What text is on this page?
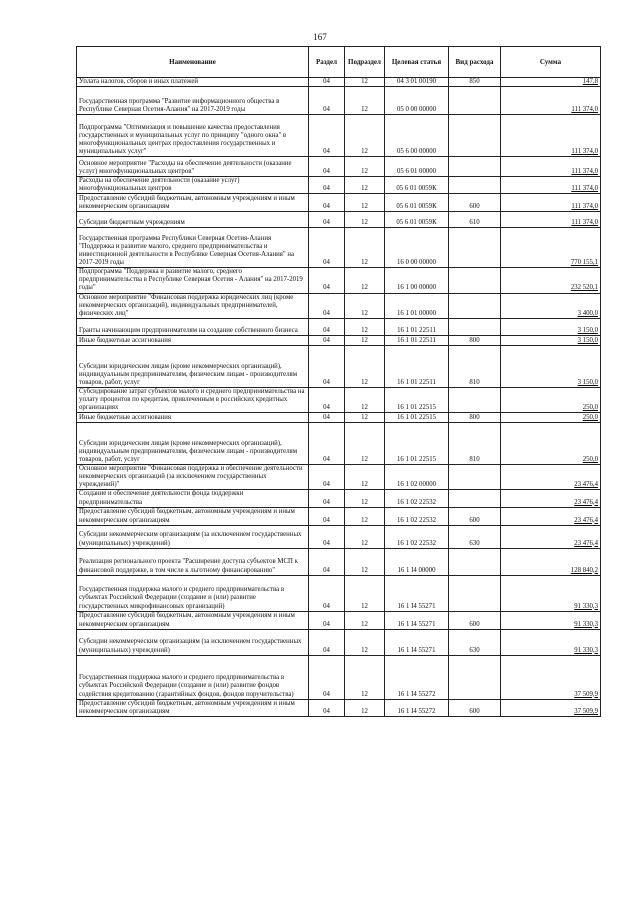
167
Наименование	Раздел	Подраздел	Целевая статья	Вид расхода	Сумма
Уплата налогов, сборов и иных платежей	04	12	04 3 01 00190	850	147,8
Государственная программа "Развитие информационного общества в Республике Северная Осетия-Алания" на 2017-2019 годы	04	12	05 0 00 00000		111 374,0
Подпрограмма "Оптимизация и повышение качества предоставления государственных и муниципальных услуг по принципу "одного окна" в многофункциональных центрах предоставления государственных и муниципальных услуг"	04	12	05 6 00 00000		111 374,0
Основное мероприятие "Расходы на обеспечение деятельности (оказание услуг) многофункциональных центров"	04	12	05 6 01 00000		111 374,0
Расходы на обеспечение деятельности (оказание услуг) многофункциональных центров	04	12	05 6 01 0059К		111 374,0
Предоставление субсидий бюджетным, автономным учреждениям и иным некоммерческим организациям	04	12	05 6 01 0059К	600	111 374,0
Субсидии бюджетным учреждениям	04	12	05 6 01 0059К	610	111 374,0
Государственная программа Республики Северная Осетия-Алания "Поддержка и развитие малого, среднего предпринимательства и инвестиционной деятельности в Республике Северная Осетия-Алания" на 2017-2019 годы	04	12	16 0 00 00000		770 155,1
Подпрограмма "Поддержка и развитие малого, среднего предпринимательства в Республике Северная Осетия - Алания" на 2017-2019 годы"	04	12	16 1 00 00000		232 520,1
Основное мероприятие "Финансовая поддержка юридических лиц (кроме некоммерческих организаций), индивидуальных предпринимателей, физических лиц"	04	12	16 1 01 00000		3 400,0
Гранты начинающим предпринимателям на создание собственного бизнеса	04	12	16 1 01 22511		3 150,0
Иные бюджетные ассигнования	04	12	16 1 01 22511	800	3 150,0
Субсидии юридическим лицам (кроме некоммерческих организаций), индивидуальным предпринимателям, физическим лицам - производителям товаров, работ, услуг	04	12	16 1 01 22511	810	3 150,0
Субсидирование затрат субъектов малого и среднего предпринимательства на уплату процентов по кредитам, привлеченным в российских кредитных организациях	04	12	16 1 01 22515		250,0
Иные бюджетные ассигнования	04	12	16 1 01 22515	800	250,0
Субсидии юридическим лицам (кроме некоммерческих организаций), индивидуальным предпринимателям, физическим лицам - производителям товаров, работ, услуг	04	12	16 1 01 22515	810	250,0
Основное мероприятие "Финансовая поддержка и обеспечение деятельности некоммерческих организаций (за исключением государственных учреждений)"	04	12	16 1 02 00000		23 476,4
Создание и обеспечение деятельности фонда поддержки предпринимательства	04	12	16 1 02 22532		23 476,4
Предоставление субсидий бюджетным, автономным учреждениям и иным некоммерческим организациям	04	12	16 1 02 22532	600	23 476,4
Субсидии некоммерческим организациям (за исключением государственных (муниципальных) учреждений)	04	12	16 1 02 22532	630	23 476,4
Реализация регионального проекта "Расширение доступа субъектов МСП к финансовой поддержке, в том числе к льготному финансированию"	04	12	16 1 I4 00000		128 840,2
Государственная поддержка малого и среднего предпринимательства в субъектах Российской Федерации (создание и (или) развитие государственных микрофинансовых организаций)	04	12	16 1 I4 55271		91 330,3
Предоставление субсидий бюджетным, автономным учреждениям и иным некоммерческим организациям	04	12	16 1 I4 55271	600	91 330,3
Субсидии некоммерческим организациям (за исключением государственных (муниципальных) учреждений)	04	12	16 1 I4 55271	630	91 330,3
Государственная поддержка малого и среднего предпринимательства в субъектах Российской Федерации (создание и (или) развитие фондов содействия кредитованию (гарантийных фондов, фондов поручительства)	04	12	16 1 I4 55272		37 509,9
Предоставление субсидий бюджетным, автономным учреждениям и иным некоммерческим организациям	04	12	16 1 I4 55272	600	37 509,9
